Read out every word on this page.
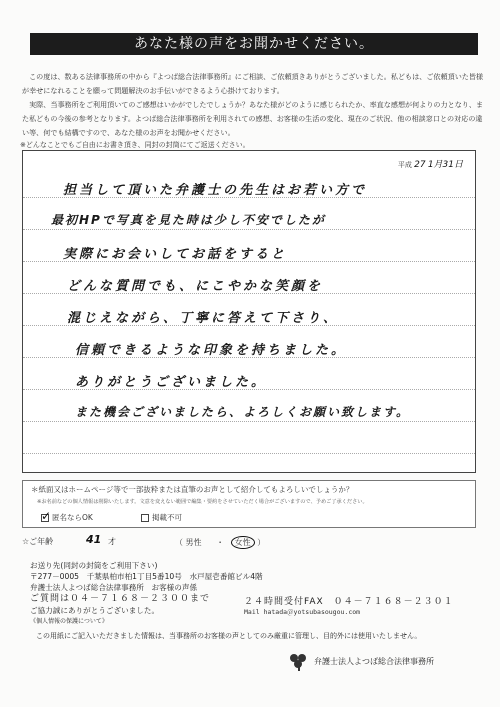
あなた様の声をお聞かせください。

この度は、数ある法律事務所の中から『よつば総合法律事務所』にご相談、ご依頼頂きありがとうございました。私どもは、ご依頼頂いた皆様が幸せになれることを願って問題解決のお手伝いができるよう心掛けております。

実際、当事務所をご利用頂いてのご感想はいかがでしたでしょうか？あなた様がどのように感じられたか、率直な感想が何よりの力となり、また私どもの今後の参考となります。よつば総合法律事務所を利用されての感想、お客様の生活の変化、現在のご状況、他の相談窓口との対応の違い等、何でも結構ですので、あなた様のお声をお聞かせください。

※どんなことでもご自由にお書き頂き、同封の封筒にてご返送ください。
平成 27 1月31日
担当して頂いた弁護士の先生はお若い方で
最初HPで写真を見た時は少し不安でしたが
実際にお会いしてお話をすると
どんな質問でも、にこやかな笑顔を
混じえながら、丁寧に答えて下さり、
信頼できるような印象を持ちました。
ありがとうございました。
また機会ございましたら、よろしくお願い致します。
＊紙面又はホームページ等で一部抜粋または直筆のお声として紹介してもよろしいでしょうか？
※お名前などの個人情報は削除いたします。文意を変えない範囲で編集・要約をさせていただく場合がございますので、予めご了承ください。
✓
匿名ならOK	掲載不可
☆ご年齢	41 才	（ 男性 ・ 女性 ）
お送り先(同封の封筒をご利用下さい)
〒277－0005　千葉県柏市柏1丁目5番10号　水戸屋壱番館ビル4階
弁護士法人よつば総合法律事務所　お客様の声係
ご質問は０４－７１６８－２３００まで
ご協力誠にありがとうございました。
《個人情報の保護について》
２４時間受付FAX　０４－７１６８－２３０１
Mail hatada＠yotsubasougou.com
この用紙にご記入いただきました情報は、当事務所のお客様の声としてのみ厳重に管理し、目的外には使用いたしません。
弁護士法人よつば総合法律事務所
